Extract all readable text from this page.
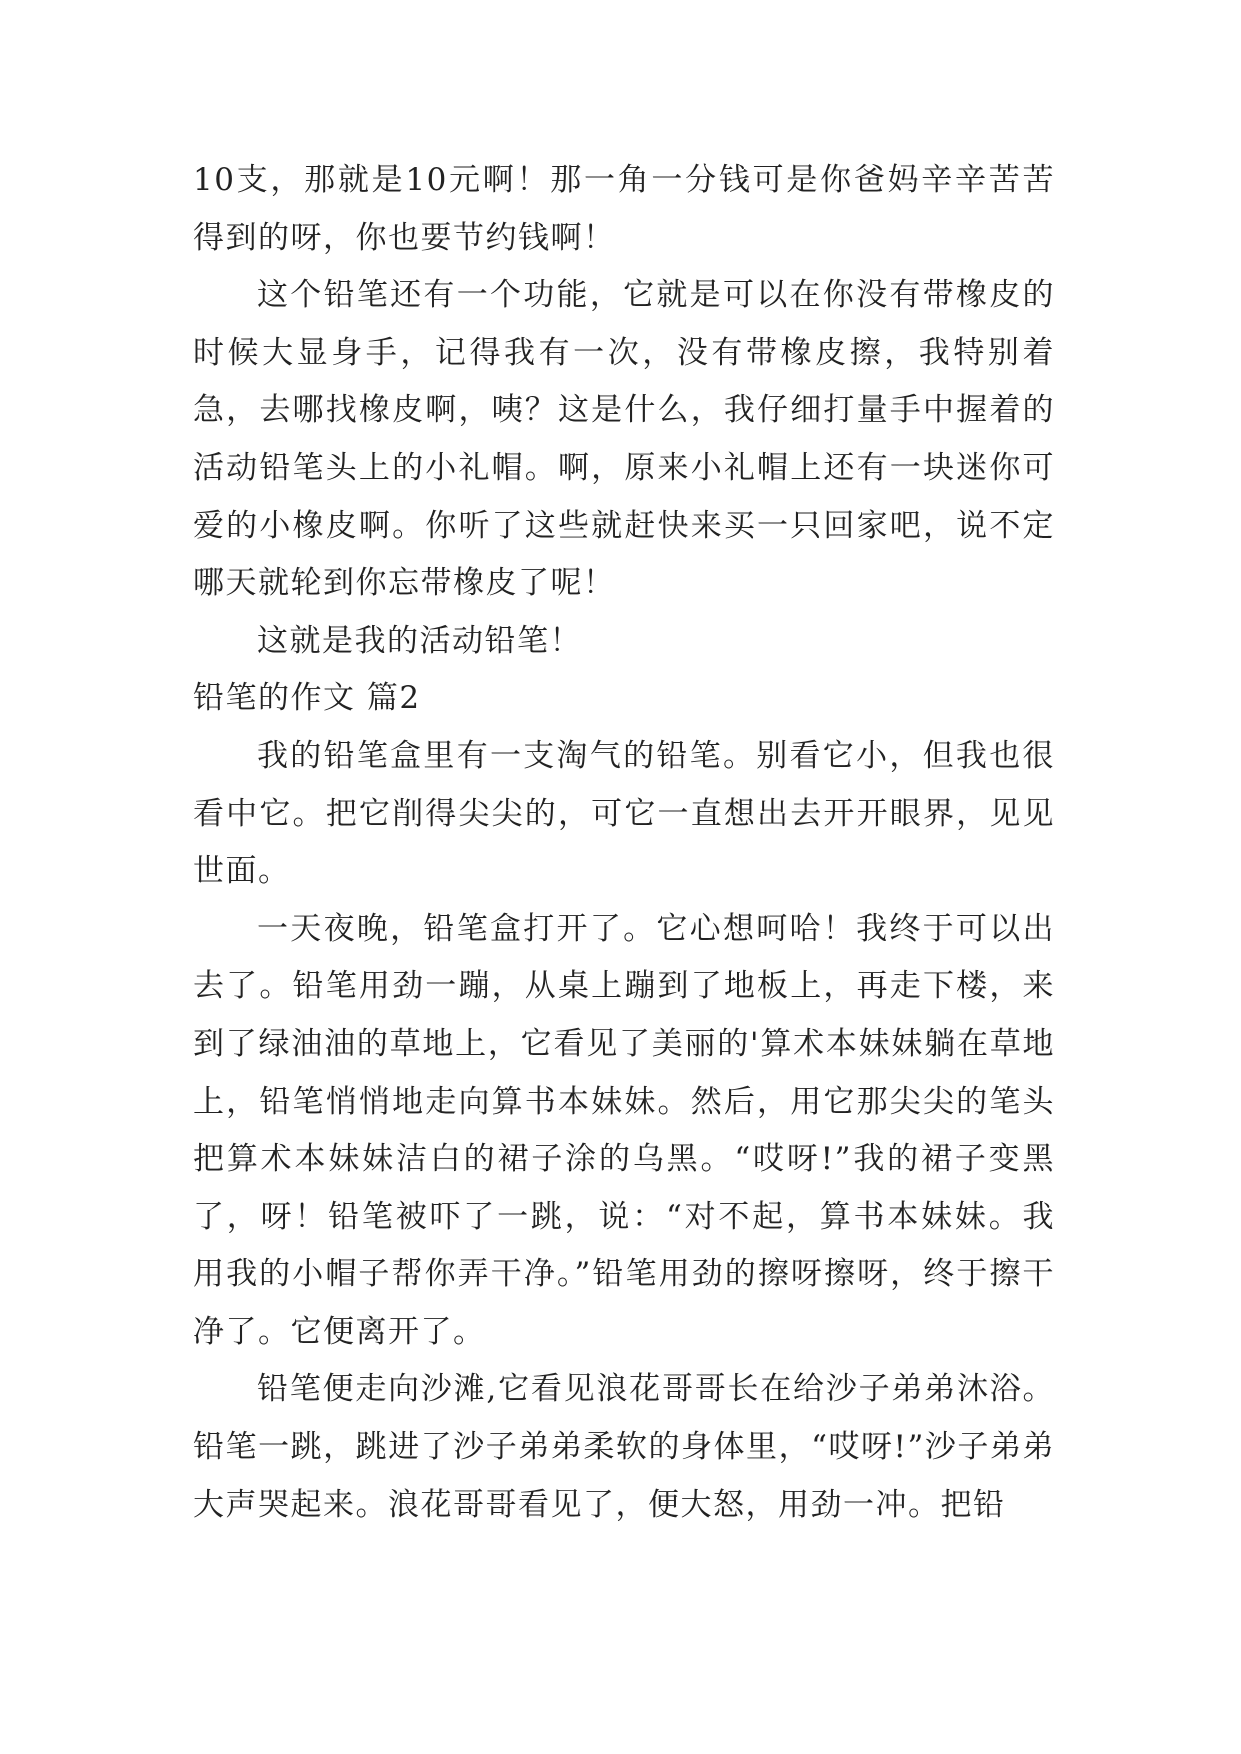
10支，那就是10元啊！那一角一分钱可是你爸妈辛辛苦苦得到的呀，你也要节约钱啊！

这个铅笔还有一个功能，它就是可以在你没有带橡皮的时候大显身手，记得我有一次，没有带橡皮擦，我特别着急，去哪找橡皮啊，咦？这是什么，我仔细打量手中握着的活动铅笔头上的小礼帽。啊，原来小礼帽上还有一块迷你可爱的小橡皮啊。你听了这些就赶快来买一只回家吧，说不定哪天就轮到你忘带橡皮了呢！

这就是我的活动铅笔！

铅笔的作文 篇2

我的铅笔盒里有一支淘气的铅笔。别看它小，但我也很看中它。把它削得尖尖的，可它一直想出去开开眼界，见见世面。

一天夜晚，铅笔盒打开了。它心想呵哈！我终于可以出去了。铅笔用劲一蹦，从桌上蹦到了地板上，再走下楼，来到了绿油油的草地上，它看见了美丽的'算术本妹妹躺在草地上，铅笔悄悄地走向算书本妹妹。然后，用它那尖尖的笔头把算术本妹妹洁白的裙子涂的乌黑。“哎呀!”我的裙子变黑了，呀！铅笔被吓了一跳，说：“对不起，算书本妹妹。我用我的小帽子帮你弄干净。”铅笔用劲的擦呀擦呀，终于擦干净了。它便离开了。

铅笔便走向沙滩,它看见浪花哥哥长在给沙子弟弟沐浴。铅笔一跳，跳进了沙子弟弟柔软的身体里，“哎呀!”沙子弟弟大声哭起来。浪花哥哥看见了，便大怒，用劲一冲。把铅
